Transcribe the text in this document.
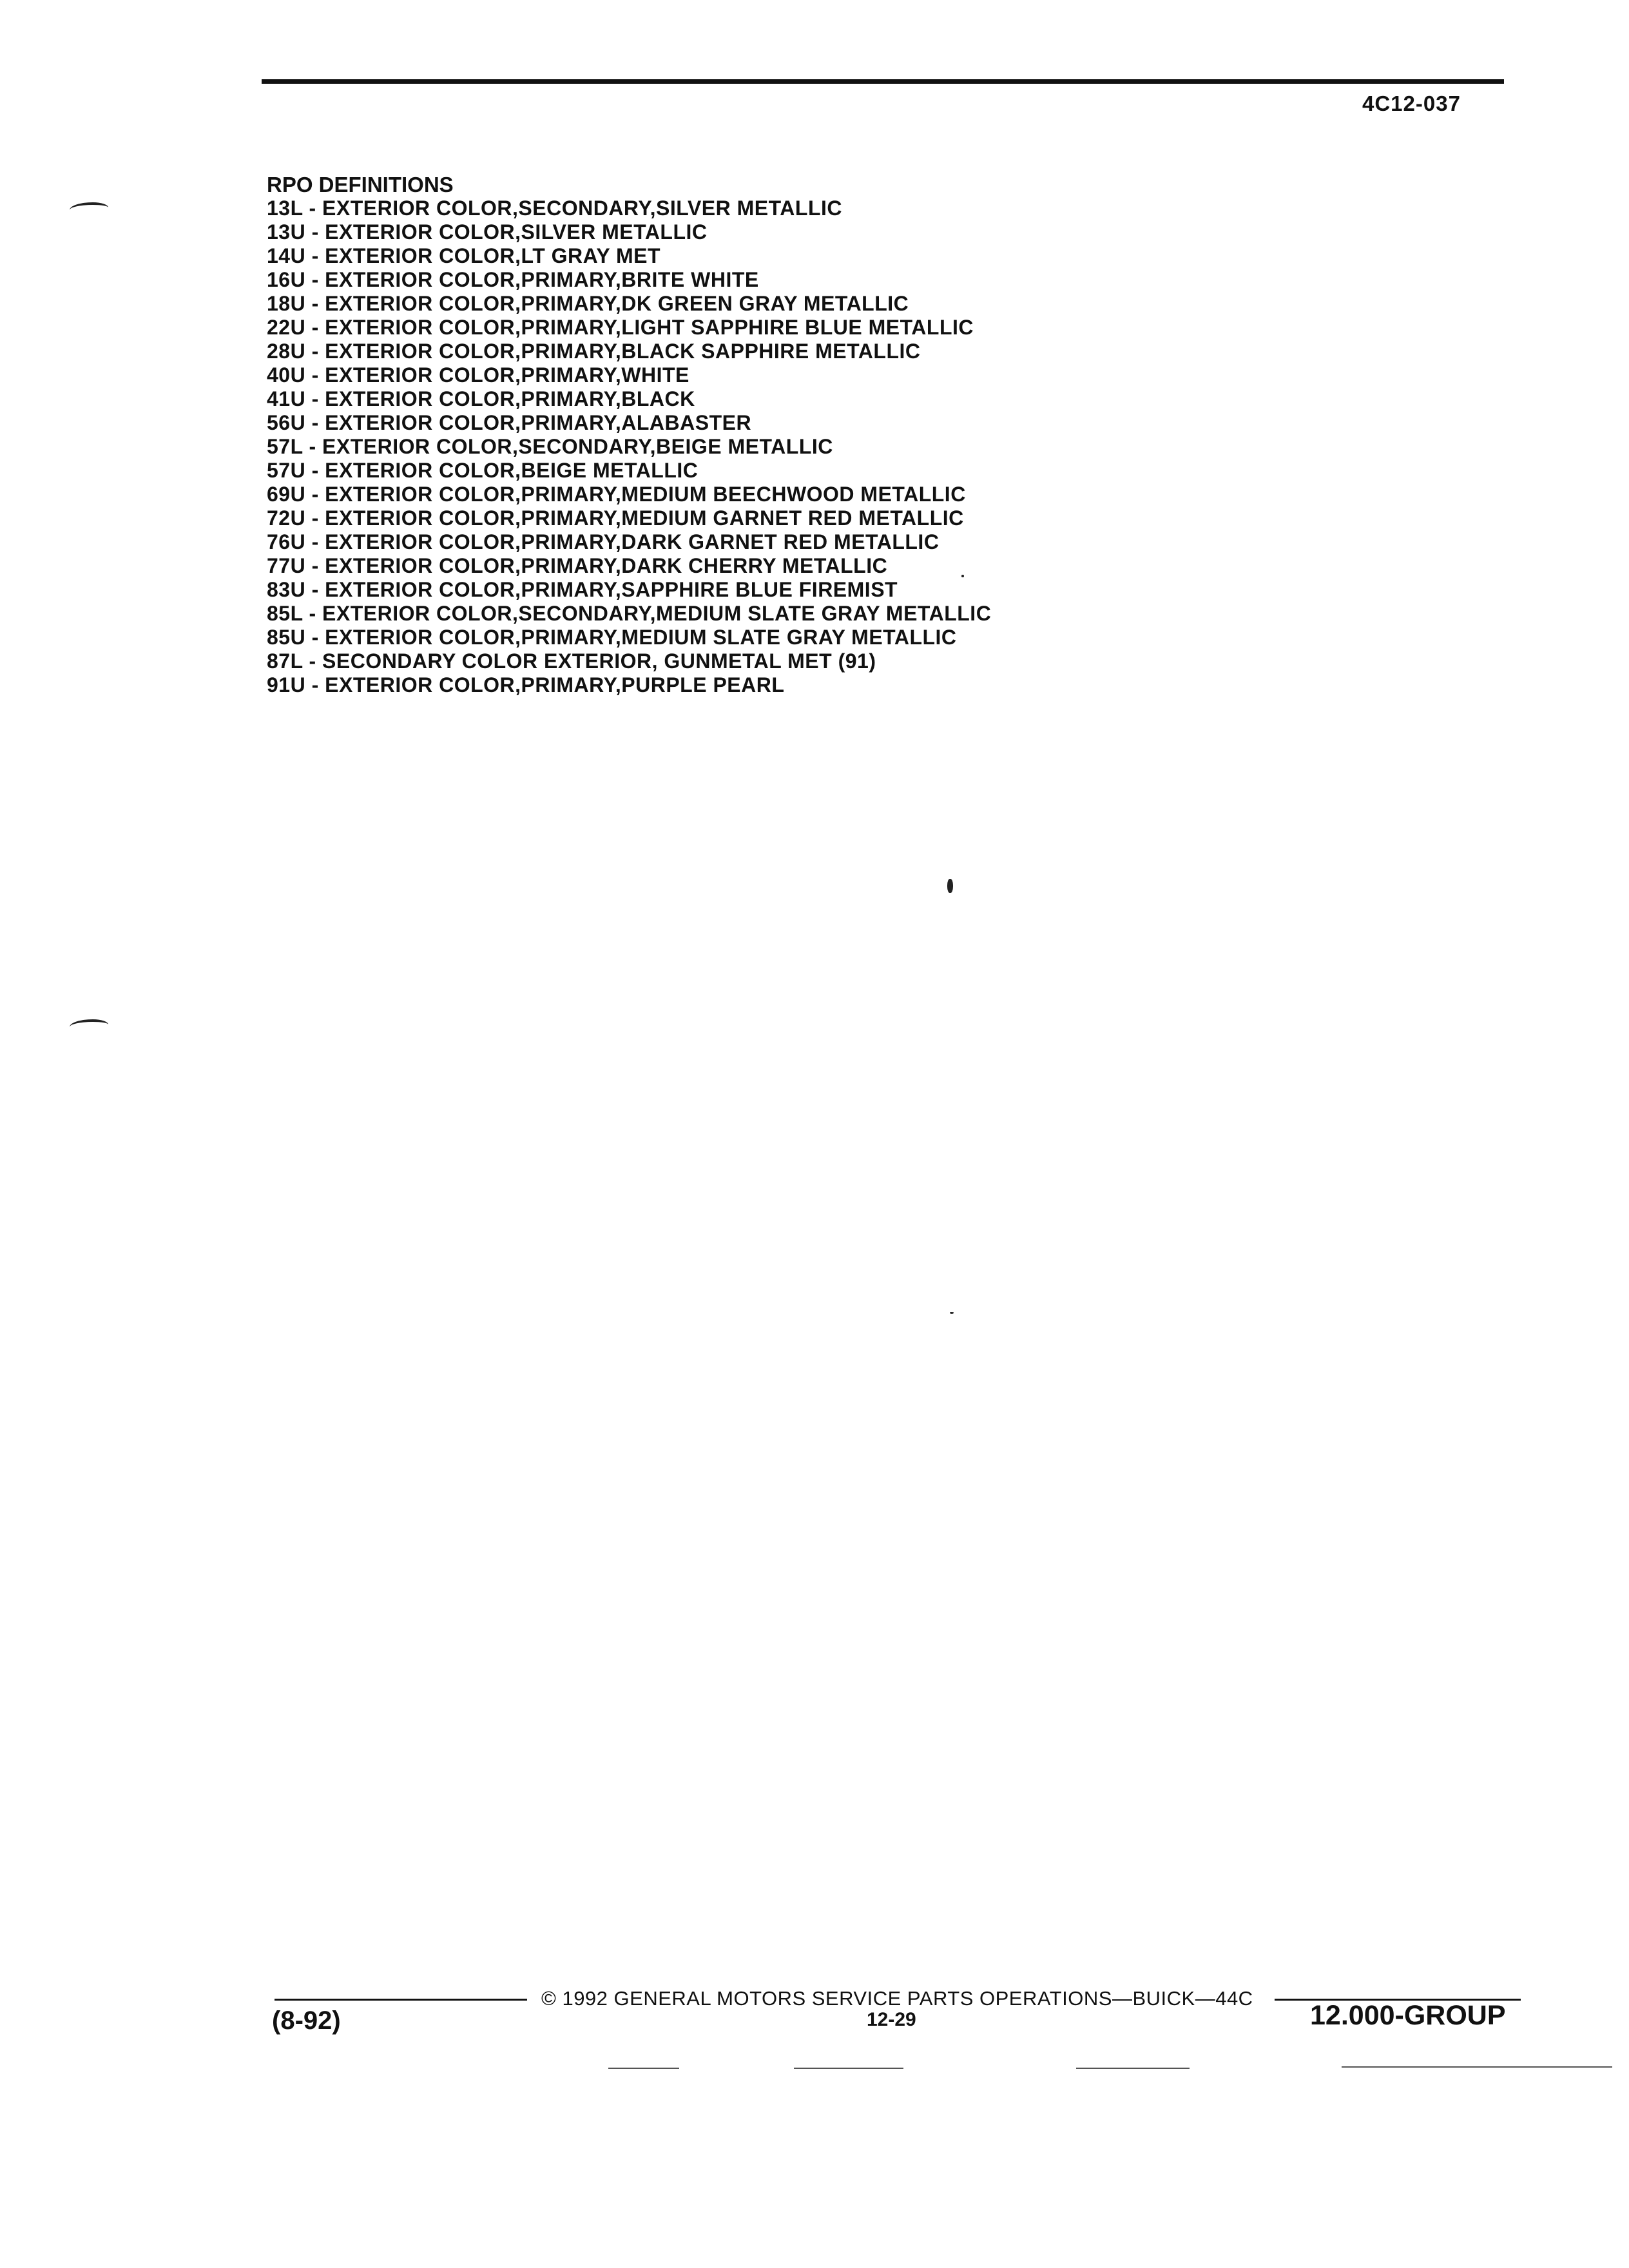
4C12-037
RPO DEFINITIONS
13L - EXTERIOR COLOR,SECONDARY,SILVER METALLIC
13U - EXTERIOR COLOR,SILVER METALLIC
14U - EXTERIOR COLOR,LT GRAY MET
16U - EXTERIOR COLOR,PRIMARY,BRITE WHITE
18U - EXTERIOR COLOR,PRIMARY,DK GREEN GRAY METALLIC
22U - EXTERIOR COLOR,PRIMARY,LIGHT SAPPHIRE BLUE METALLIC
28U - EXTERIOR COLOR,PRIMARY,BLACK SAPPHIRE METALLIC
40U - EXTERIOR COLOR,PRIMARY,WHITE
41U - EXTERIOR COLOR,PRIMARY,BLACK
56U - EXTERIOR COLOR,PRIMARY,ALABASTER
57L - EXTERIOR COLOR,SECONDARY,BEIGE METALLIC
57U - EXTERIOR COLOR,BEIGE METALLIC
69U - EXTERIOR COLOR,PRIMARY,MEDIUM BEECHWOOD METALLIC
72U - EXTERIOR COLOR,PRIMARY,MEDIUM GARNET RED METALLIC
76U - EXTERIOR COLOR,PRIMARY,DARK GARNET RED METALLIC
77U - EXTERIOR COLOR,PRIMARY,DARK CHERRY METALLIC
83U - EXTERIOR COLOR,PRIMARY,SAPPHIRE BLUE FIREMIST
85L - EXTERIOR COLOR,SECONDARY,MEDIUM SLATE GRAY METALLIC
85U - EXTERIOR COLOR,PRIMARY,MEDIUM SLATE GRAY METALLIC
87L - SECONDARY COLOR EXTERIOR, GUNMETAL MET (91)
91U - EXTERIOR COLOR,PRIMARY,PURPLE PEARL
© 1992 GENERAL MOTORS SERVICE PARTS OPERATIONS—BUICK—44C
(8-92)	12-29	12.000-GROUP
